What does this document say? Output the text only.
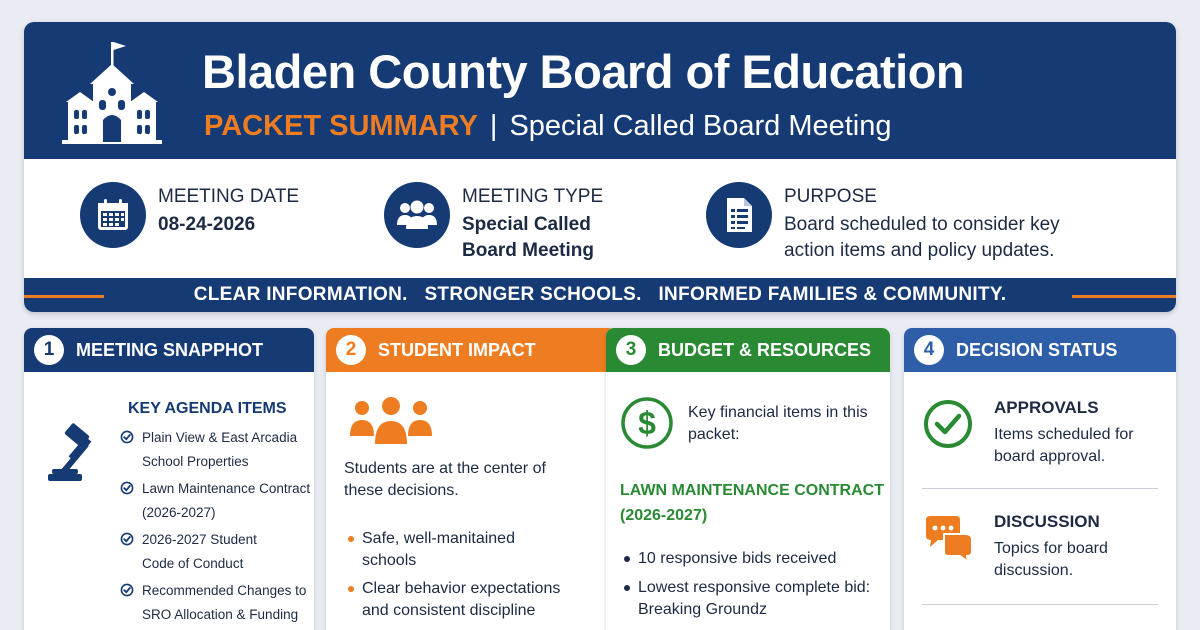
Bladen County Board of Education
PACKET SUMMARY | Special Called Board Meeting
MEETING DATE
08-24-2026
MEETING TYPE
Special Called
Board Meeting
PURPOSE
Board scheduled to consider key
action items and policy updates.
CLEAR INFORMATION.   STRONGER SCHOOLS.   INFORMED FAMILIES & COMMUNITY.
1	MEETING SNAPPHOT
KEY AGENDA ITEMS
Plain View & East Arcadia
School Properties
Lawn Maintenance Contract
(2026-2027)
2026-2027 Student
Code of Conduct
Recommended Changes to
SRO Allocation & Funding
2	STUDENT IMPACT
Students are at the center of
these decisions.
Safe, well-manitained
schools
Clear behavior expectations
and consistent discipline
3	BUDGET & RESOURCES
$ Key financial items in this
packet:
LAWN MAINTENANCE CONTRACT
(2026-2027)
10 responsive bids received
Lowest responsive complete bid:
Breaking Groundz
4	DECISION STATUS
APPROVALS
Items scheduled for
board approval.
DISCUSSION
Topics for board
discussion.
